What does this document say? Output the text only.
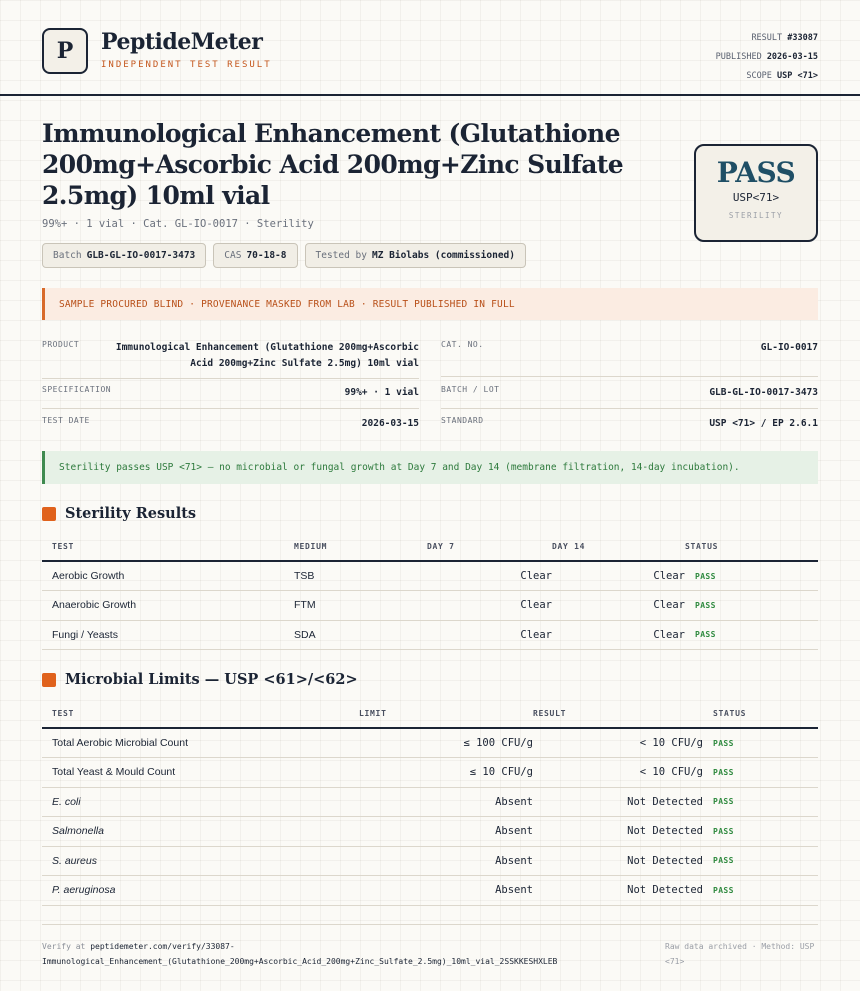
P	PeptideMeter
INDEPENDENT TEST RESULT
RESULT #33087
PUBLISHED 2026-03-15
SCOPE USP <71>
Immunological Enhancement (Glutathione 200mg+Ascorbic Acid 200mg+Zinc Sulfate 2.5mg) 10ml vial
99%+ · 1 vial · Cat. GL-IO-0017 · Sterility
Batch GLB-GL-IO-0017-3473	CAS 70-18-8	Tested by MZ Biolabs (commissioned)
PASS
USP<71>
STERILITY
SAMPLE PROCURED BLIND · PROVENANCE MASKED FROM LAB · RESULT PUBLISHED IN FULL
PRODUCT	Immunological Enhancement (Glutathione 200mg+Ascorbic Acid 200mg+Zinc Sulfate 2.5mg) 10ml vial
SPECIFICATION	99%+ · 1 vial
TEST DATE	2026-03-15
CAT. NO.	GL-IO-0017
BATCH / LOT	GLB-GL-IO-0017-3473
STANDARD	USP <71> / EP 2.6.1
Sterility passes USP <71> — no microbial or fungal growth at Day 7 and Day 14 (membrane filtration, 14-day incubation).
Sterility Results
TEST	MEDIUM	DAY 7	DAY 14	STATUS
Aerobic Growth	TSB	Clear	Clear	PASS
Anaerobic Growth	FTM	Clear	Clear	PASS
Fungi / Yeasts	SDA	Clear	Clear	PASS
Microbial Limits — USP <61>/<62>
TEST	LIMIT	RESULT	STATUS
Total Aerobic Microbial Count	≤ 100 CFU/g	< 10 CFU/g	PASS
Total Yeast & Mould Count	≤ 10 CFU/g	< 10 CFU/g	PASS
E. coli	Absent	Not Detected	PASS
Salmonella	Absent	Not Detected	PASS
S. aureus	Absent	Not Detected	PASS
P. aeruginosa	Absent	Not Detected	PASS
Verify at peptidemeter.com/verify/33087-
Immunological_Enhancement_(Glutathione_200mg+Ascorbic_Acid_200mg+Zinc_Sulfate_2.5mg)_10ml_vial_2SSKKESHXLEB
Raw data archived · Method: USP <71>
